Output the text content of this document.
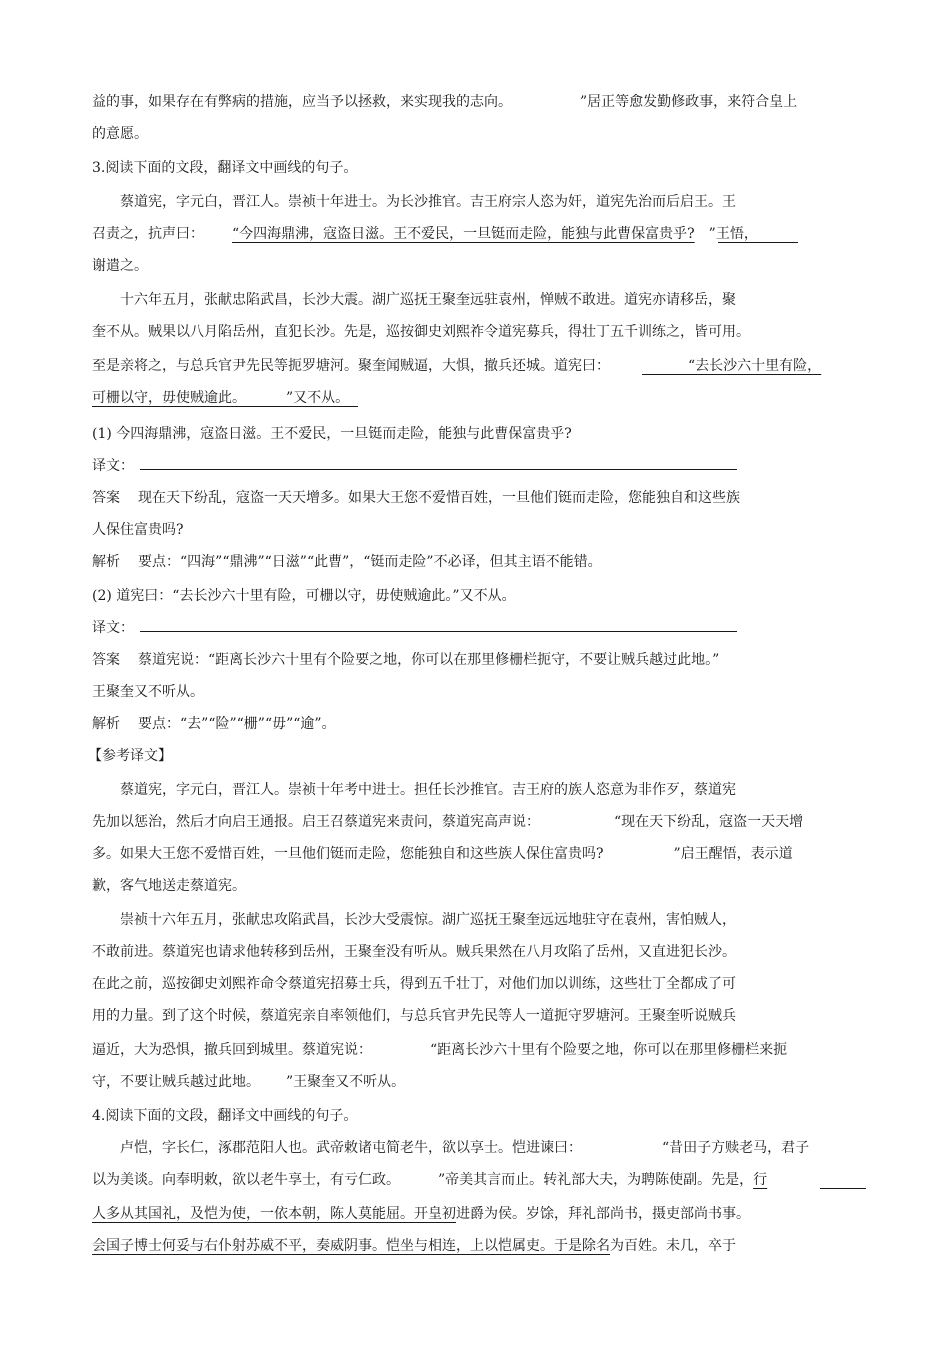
益的事，如果存在有弊病的措施，应当予以拯救，来实现我的志向。	”居正等愈发勤修政事，来符合皇上
的意愿。
3.阅读下面的文段，翻译文中画线的句子。
蔡道宪，字元白，晋江人。崇祯十年进士。为长沙推官。吉王府宗人恣为奸，道宪先治而后启王。王
召责之，抗声曰： “今四海鼎沸，寇盗日滋。王不爱民，一旦铤而走险，能独与此曹保富贵乎? ”王悟，
谢遣之。
十六年五月，张献忠陷武昌，长沙大震。湖广巡抚王聚奎远驻袁州，惮贼不敢进。道宪亦请移岳，聚
奎不从。贼果以八月陷岳州，直犯长沙。先是，巡按御史刘熙祚令道宪募兵，得壮丁五千训练之，皆可用。
至是亲将之，与总兵官尹先民等扼罗塘河。聚奎闻贼逼，大惧，撤兵还城。道宪曰：	“去长沙六十里有险，
可栅以守，毋使贼逾此。	”又不从。
(1) 今四海鼎沸，寇盗日滋。王不爱民，一旦铤而走险，能独与此曹保富贵乎?
译文：
答案 现在天下纷乱，寇盗一天天增多。如果大王您不爱惜百姓，一旦他们铤而走险，您能独自和这些族
人保住富贵吗?
解析 要点：“四海”“鼎沸”“日滋”“此曹”，“铤而走险”不必译，但其主语不能错。
(2) 道宪曰：“去长沙六十里有险，可栅以守，毋使贼逾此。”又不从。
译文：
答案 蔡道宪说：“距离长沙六十里有个险要之地，你可以在那里修栅栏扼守，不要让贼兵越过此地。”
王聚奎又不听从。
解析 要点：“去”“险”“栅”“毋”“逾”。
【参考译文】
蔡道宪，字元白，晋江人。崇祯十年考中进士。担任长沙推官。吉王府的族人恣意为非作歹，蔡道宪
先加以惩治，然后才向启王通报。启王召蔡道宪来责问，蔡道宪高声说：	“现在天下纷乱，寇盗一天天增
多。如果大王您不爱惜百姓，一旦他们铤而走险，您能独自和这些族人保住富贵吗?	”启王醒悟，表示道
歉，客气地送走蔡道宪。
崇祯十六年五月，张献忠攻陷武昌，长沙大受震惊。湖广巡抚王聚奎远远地驻守在袁州，害怕贼人，
不敢前进。蔡道宪也请求他转移到岳州，王聚奎没有听从。贼兵果然在八月攻陷了岳州，又直进犯长沙。
在此之前，巡按御史刘熙祚命令蔡道宪招募士兵，得到五千壮丁，对他们加以训练，这些壮丁全都成了可
用的力量。到了这个时候，蔡道宪亲自率领他们，与总兵官尹先民等人一道扼守罗塘河。王聚奎听说贼兵
逼近，大为恐惧，撤兵回到城里。蔡道宪说：	“距离长沙六十里有个险要之地，你可以在那里修栅栏来扼
守，不要让贼兵越过此地。 ”王聚奎又不听从。
4.阅读下面的文段，翻译文中画线的句子。
卢恺，字长仁，涿郡范阳人也。武帝敕诸屯简老牛，欲以享士。恺进谏曰：	“昔田子方赎老马，君子
以为美谈。向奉明敕，欲以老牛享士，有亏仁政。	”帝美其言而止。转礼部大夫，为聘陈使副。先是，行
人多从其国礼，及恺为使，一依本朝，陈人莫能屈。开皇初进爵为侯。岁馀，拜礼部尚书，摄吏部尚书事。
会国子博士何妥与右仆射苏威不平，奏威阴事。恺坐与相连，上以恺属吏。于是除名为百姓。未几，卒于
